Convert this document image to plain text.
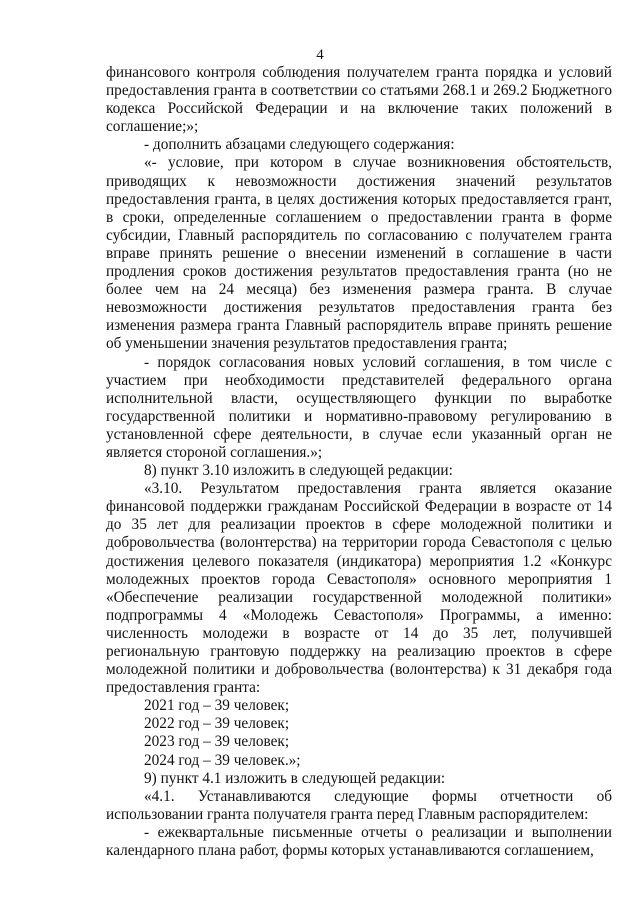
4

финансового контроля соблюдения получателем гранта порядка и условий предоставления гранта в соответствии со статьями 268.1 и 269.2 Бюджетного кодекса Российской Федерации и на включение таких положений в соглашение;»;

- дополнить абзацами следующего содержания:

«- условие, при котором в случае возникновения обстоятельств, приводящих к невозможности достижения значений результатов предоставления гранта, в целях достижения которых предоставляется грант, в сроки, определенные соглашением о предоставлении гранта в форме субсидии, Главный распорядитель по согласованию с получателем гранта вправе принять решение о внесении изменений в соглашение в части продления сроков достижения результатов предоставления гранта (но не более чем на 24 месяца) без изменения размера гранта. В случае невозможности достижения результатов предоставления гранта без изменения размера гранта Главный распорядитель вправе принять решение об уменьшении значения результатов предоставления гранта;

- порядок согласования новых условий соглашения, в том числе с участием при необходимости представителей федерального органа исполнительной власти, осуществляющего функции по выработке государственной политики и нормативно-правовому регулированию в установленной сфере деятельности, в случае если указанный орган не является стороной соглашения.»;

8) пункт 3.10 изложить в следующей редакции:

«3.10. Результатом предоставления гранта является оказание финансовой поддержки гражданам Российской Федерации в возрасте от 14 до 35 лет для реализации проектов в сфере молодежной политики и добровольчества (волонтерства) на территории города Севастополя с целью достижения целевого показателя (индикатора) мероприятия 1.2 «Конкурс молодежных проектов города Севастополя» основного мероприятия 1 «Обеспечение реализации государственной молодежной политики» подпрограммы 4 «Молодежь Севастополя» Программы, а именно: численность молодежи в возрасте от 14 до 35 лет, получившей региональную грантовую поддержку на реализацию проектов в сфере молодежной политики и добровольчества (волонтерства) к 31 декабря года предоставления гранта:

2021 год – 39 человек;

2022 год – 39 человек;

2023 год – 39 человек;

2024 год – 39 человек.»;

9) пункт 4.1 изложить в следующей редакции:

«4.1. Устанавливаются следующие формы отчетности об использовании гранта получателя гранта перед Главным распорядителем:

- ежеквартальные письменные отчеты о реализации и выполнении календарного плана работ, формы которых устанавливаются соглашением,
